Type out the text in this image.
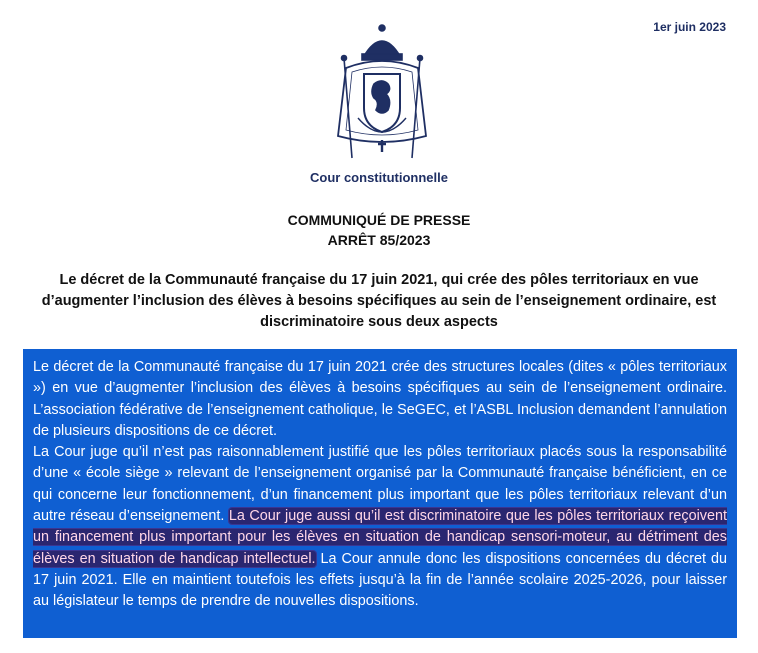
1er juin 2023
Cour constitutionnelle
COMMUNIQUÉ DE PRESSE
ARRÊT 85/2023
Le décret de la Communauté française du 17 juin 2021, qui crée des pôles territoriaux en vue d’augmenter l’inclusion des élèves à besoins spécifiques au sein de l’enseignement ordinaire, est discriminatoire sous deux aspects

Le décret de la Communauté française du 17 juin 2021 crée des structures locales (dites « pôles territoriaux ») en vue d’augmenter l’inclusion des élèves à besoins spécifiques au sein de l’enseignement ordinaire. L’association fédérative de l’enseignement catholique, le SeGEC, et l’ASBL Inclusion demandent l’annulation de plusieurs dispositions de ce décret.

La Cour juge qu’il n’est pas raisonnablement justifié que les pôles territoriaux placés sous la responsabilité d’une « école siège » relevant de l’enseignement organisé par la Communauté française bénéficient, en ce qui concerne leur fonctionnement, d’un financement plus important que les pôles territoriaux relevant d’un autre réseau d’enseignement. La Cour juge aussi qu’il est discriminatoire que les pôles territoriaux reçoivent un financement plus important pour les élèves en situation de handicap sensori-moteur, au détriment des élèves en situation de handicap intellectuel. La Cour annule donc les dispositions concernées du décret du 17 juin 2021. Elle en maintient toutefois les effets jusqu’à la fin de l’année scolaire 2025-2026, pour laisser au législateur le temps de prendre de nouvelles dispositions.
